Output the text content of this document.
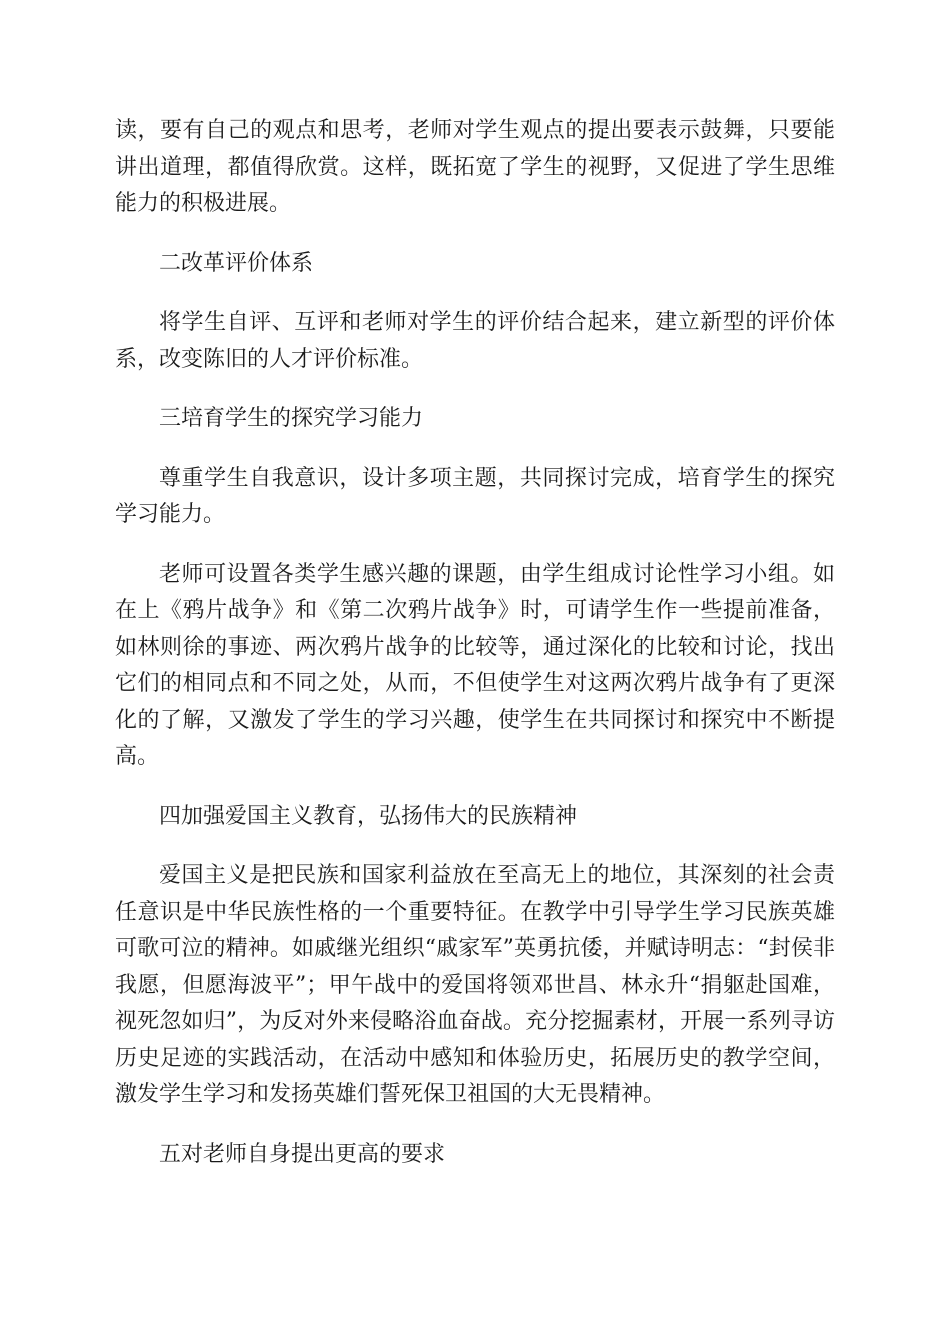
读，要有自己的观点和思考，老师对学生观点的提出要表示鼓舞，只要能讲出道理，都值得欣赏。这样，既拓宽了学生的视野，又促进了学生思维能力的积极进展。

二改革评价体系

将学生自评、互评和老师对学生的评价结合起来，建立新型的评价体系，改变陈旧的人才评价标准。

三培育学生的探究学习能力

尊重学生自我意识，设计多项主题，共同探讨完成，培育学生的探究学习能力。

老师可设置各类学生感兴趣的课题，由学生组成讨论性学习小组。如在上《鸦片战争》和《第二次鸦片战争》时，可请学生作一些提前准备，如林则徐的事迹、两次鸦片战争的比较等，通过深化的比较和讨论，找出它们的相同点和不同之处，从而，不但使学生对这两次鸦片战争有了更深化的了解，又激发了学生的学习兴趣，使学生在共同探讨和探究中不断提高。

四加强爱国主义教育，弘扬伟大的民族精神

爱国主义是把民族和国家利益放在至高无上的地位，其深刻的社会责任意识是中华民族性格的一个重要特征。在教学中引导学生学习民族英雄可歌可泣的精神。如戚继光组织“戚家军”英勇抗倭，并赋诗明志：“封侯非我愿，但愿海波平”；甲午战中的爱国将领邓世昌、林永升“捐躯赴国难，视死忽如归”，为反对外来侵略浴血奋战。充分挖掘素材，开展一系列寻访历史足迹的实践活动，在活动中感知和体验历史，拓展历史的教学空间，激发学生学习和发扬英雄们誓死保卫祖国的大无畏精神。

五对老师自身提出更高的要求
